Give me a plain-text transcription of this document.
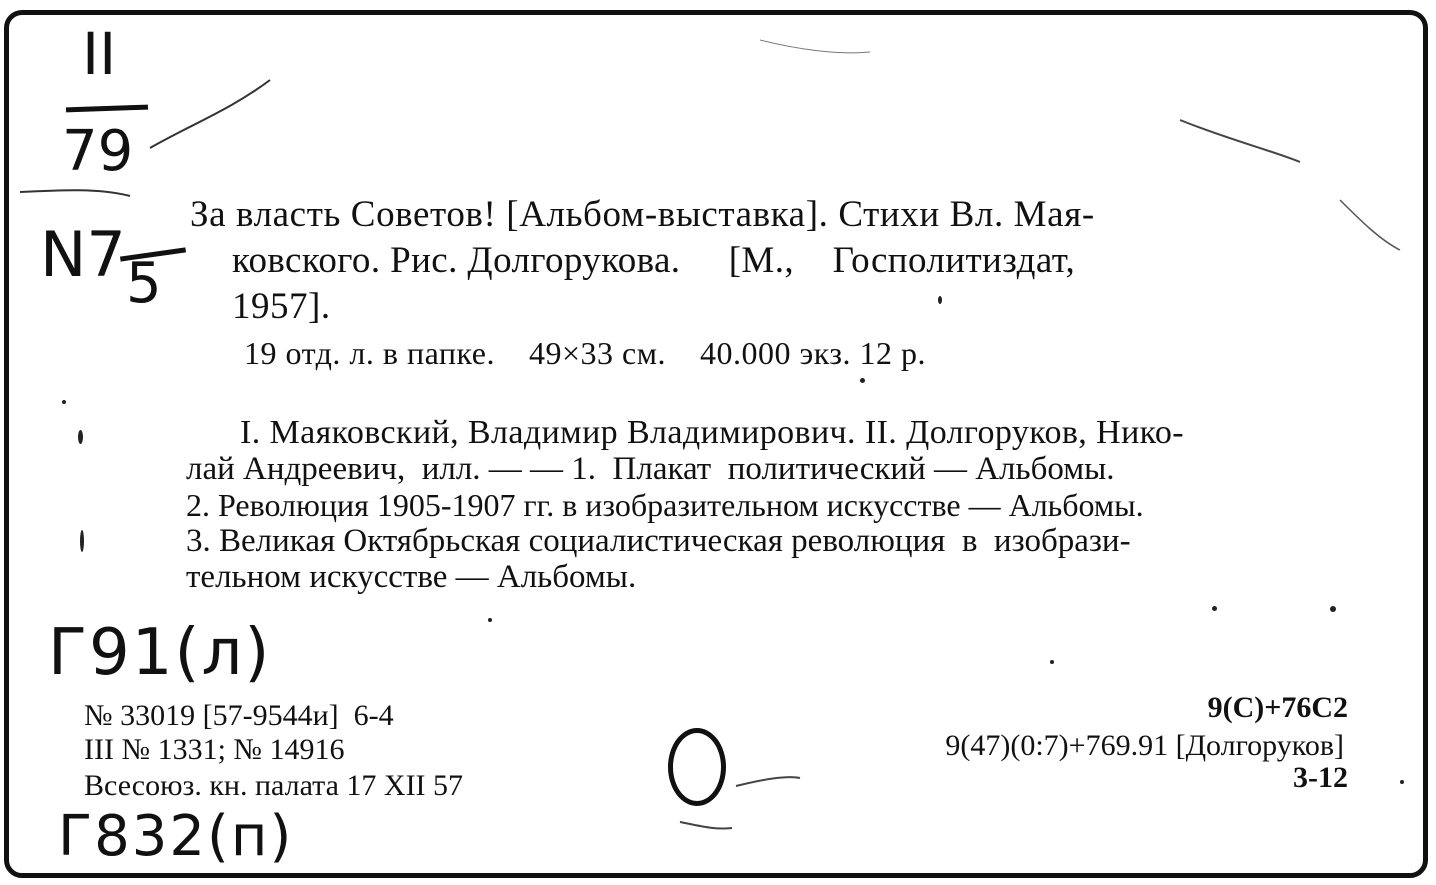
II
79
N7 5
Г91(л)
Г832(п)
За власть Советов! [Альбом-выставка]. Стихи Вл. Мая-
ковского. Рис. Долгорукова.     [М.,    Госполитиздат,
1957].
19 отд. л. в папке.    49×33 см.    40.000 экз. 12 р.
I. Маяковский, Владимир Владимирович. II. Долгоруков, Нико-
лай Андреевич,  илл. — — 1.  Плакат  политический — Альбомы.
2. Революция 1905-1907 гг. в изобразительном искусстве — Альбомы.
3. Великая Октябрьская социалистическая революция  в  изобрази-
тельном искусстве — Альбомы.
№ 33019 [57-9544и]  6-4
III № 1331; № 14916
Всесоюз. кн. палата 17 XII 57
9(С)+76С2
9(47)(0:7)+769.91 [Долгоруков]
3-12
